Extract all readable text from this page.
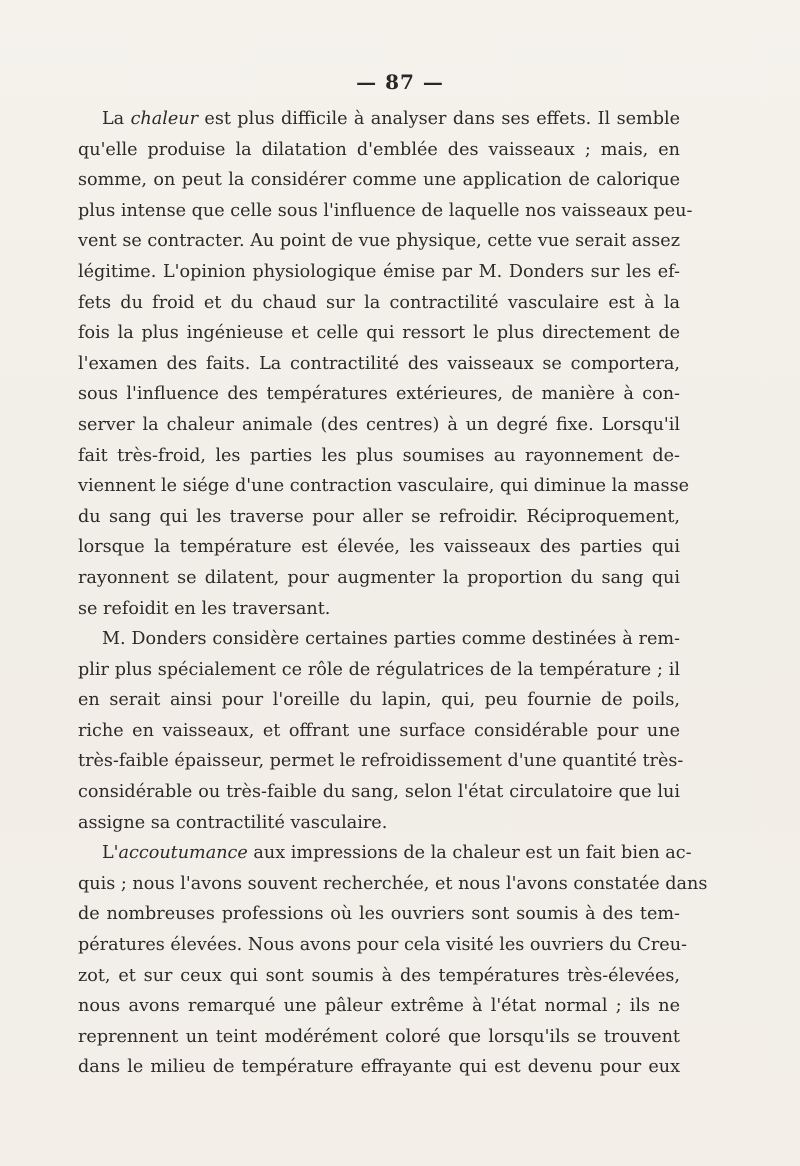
— 87 —
La chaleur est plus difficile à analyser dans ses effets. Il semble
qu'elle produise la dilatation d'emblée des vaisseaux ; mais, en
somme, on peut la considérer comme une application de calorique
plus intense que celle sous l'influence de laquelle nos vaisseaux peu-
vent se contracter. Au point de vue physique, cette vue serait assez
légitime. L'opinion physiologique émise par M. Donders sur les ef-
fets du froid et du chaud sur la contractilité vasculaire est à la
fois la plus ingénieuse et celle qui ressort le plus directement de
l'examen des faits. La contractilité des vaisseaux se comportera,
sous l'influence des températures extérieures, de manière à con-
server la chaleur animale (des centres) à un degré fixe. Lorsqu'il
fait très-froid, les parties les plus soumises au rayonnement de-
viennent le siége d'une contraction vasculaire, qui diminue la masse
du sang qui les traverse pour aller se refroidir. Réciproquement,
lorsque la température est élevée, les vaisseaux des parties qui
rayonnent se dilatent, pour augmenter la proportion du sang qui
se refoidit en les traversant.
M. Donders considère certaines parties comme destinées à rem-
plir plus spécialement ce rôle de régulatrices de la température ; il
en serait ainsi pour l'oreille du lapin, qui, peu fournie de poils,
riche en vaisseaux, et offrant une surface considérable pour une
très-faible épaisseur, permet le refroidissement d'une quantité très-
considérable ou très-faible du sang, selon l'état circulatoire que lui
assigne sa contractilité vasculaire.
L'accoutumance aux impressions de la chaleur est un fait bien ac-
quis ; nous l'avons souvent recherchée, et nous l'avons constatée dans
de nombreuses professions où les ouvriers sont soumis à des tem-
pératures élevées. Nous avons pour cela visité les ouvriers du Creu-
zot, et sur ceux qui sont soumis à des températures très-élevées,
nous avons remarqué une pâleur extrême à l'état normal ; ils ne
reprennent un teint modérément coloré que lorsqu'ils se trouvent
dans le milieu de température effrayante qui est devenu pour eux
